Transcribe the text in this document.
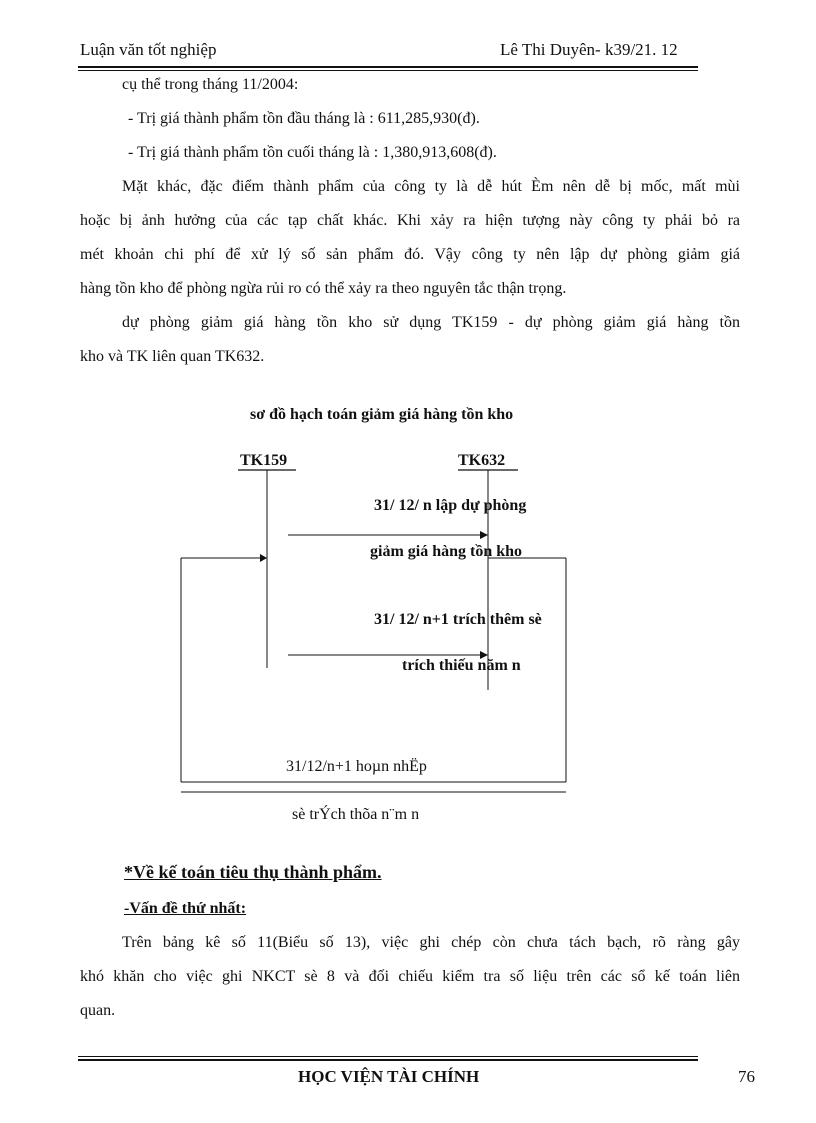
Luận văn tốt nghiệp	Lê Thi Duyên- k39/21. 12
cụ thể trong tháng 11/2004:
- Trị giá thành phẩm tồn đầu tháng là : 611,285,930(đ).
- Trị giá thành phẩm tồn cuối tháng là : 1,380,913,608(đ).
Mặt khác, đặc điểm thành phẩm của công ty là dễ hút Èm nên dễ bị mốc, mất mùi
hoặc bị ảnh hưởng của các tạp chất khác. Khi xảy ra hiện tượng này công ty phải bỏ ra
mét khoản chi phí để xử lý số sản phẩm đó. Vậy công ty nên lập dự phòng giảm giá
hàng tồn kho để phòng ngừa rủi ro có thể xảy ra theo nguyên tắc thận trọng.
dự phòng giảm giá hàng tồn kho sử dụng TK159 - dự phòng giảm giá hàng tồn
kho và TK liên quan TK632.
sơ đồ hạch toán giảm giá hàng tồn kho
TK159	TK632
31/ 12/ n lập dự phòng
giảm giá hàng tồn kho
31/ 12/ n+1 trích thêm sè
trích thiếu năm n
31/12/n+1 hoµn nhËp
sè trÝch thõa n¨m n
*Về kế toán tiêu thụ thành phẩm.
-Vấn đề thứ nhất:
Trên bảng kê số 11(Biểu số 13), việc ghi chép còn chưa tách bạch, rõ ràng gây
khó khăn cho việc ghi NKCT sè 8 và đối chiếu kiểm tra số liệu trên các sổ kế toán liên
quan.
HỌC VIỆN TÀI CHÍNH	76
